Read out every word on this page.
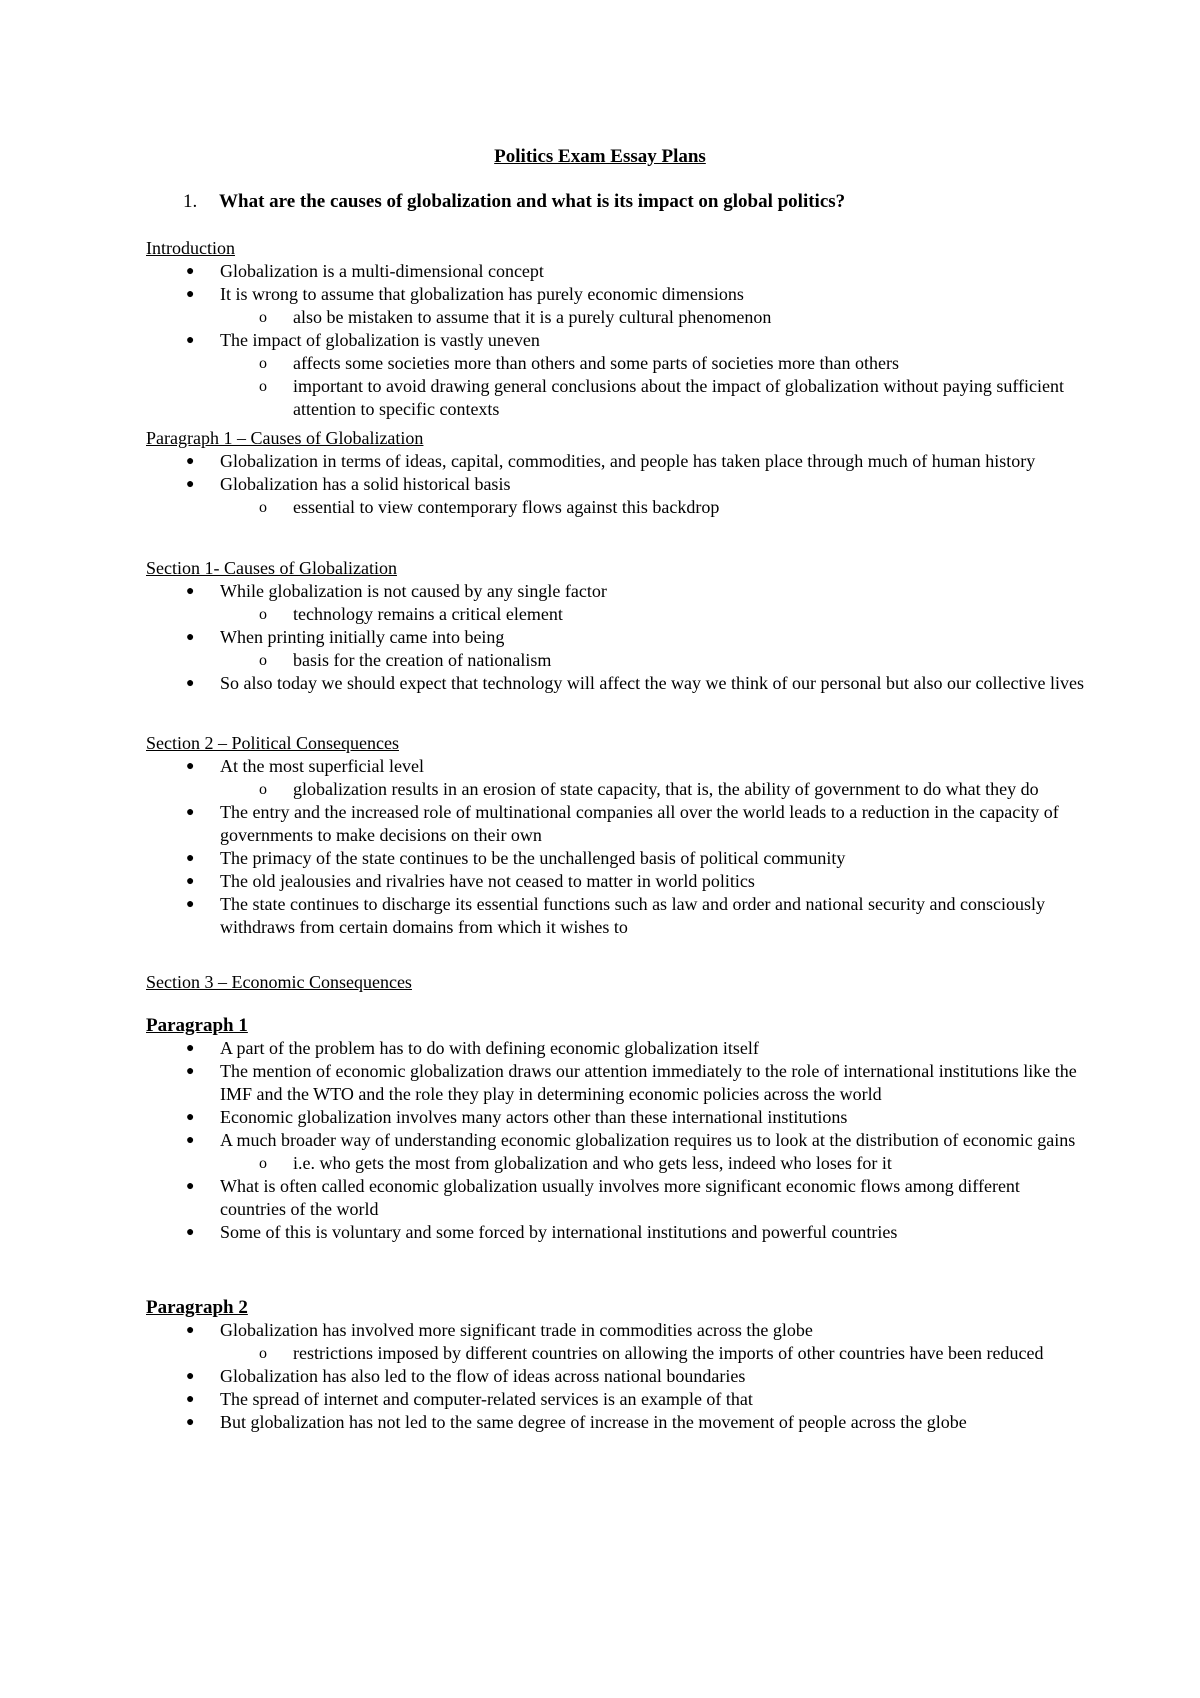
Politics Exam Essay Plans
1. What are the causes of globalization and what is its impact on global politics?
Introduction
● Globalization is a multi-dimensional concept
● It is wrong to assume that globalization has purely economic dimensions
o also be mistaken to assume that it is a purely cultural phenomenon
● The impact of globalization is vastly uneven
o affects some societies more than others and some parts of societies more than others
o important to avoid drawing general conclusions about the impact of globalization without paying sufficient attention to specific contexts
Paragraph 1 – Causes of Globalization
● Globalization in terms of ideas, capital, commodities, and people has taken place through much of human history
● Globalization has a solid historical basis
o essential to view contemporary flows against this backdrop
Section 1- Causes of Globalization
● While globalization is not caused by any single factor
o technology remains a critical element
● When printing initially came into being
o basis for the creation of nationalism
● So also today we should expect that technology will affect the way we think of our personal but also our collective lives
Section 2 – Political Consequences
● At the most superficial level
o globalization results in an erosion of state capacity, that is, the ability of government to do what they do
● The entry and the increased role of multinational companies all over the world leads to a reduction in the capacity of governments to make decisions on their own
● The primacy of the state continues to be the unchallenged basis of political community
● The old jealousies and rivalries have not ceased to matter in world politics
● The state continues to discharge its essential functions such as law and order and national security and consciously withdraws from certain domains from which it wishes to
Section 3 – Economic Consequences
Paragraph 1
● A part of the problem has to do with defining economic globalization itself
● The mention of economic globalization draws our attention immediately to the role of international institutions like the IMF and the WTO and the role they play in determining economic policies across the world
● Economic globalization involves many actors other than these international institutions
● A much broader way of understanding economic globalization requires us to look at the distribution of economic gains
o i.e. who gets the most from globalization and who gets less, indeed who loses for it
● What is often called economic globalization usually involves more significant economic flows among different countries of the world
● Some of this is voluntary and some forced by international institutions and powerful countries
Paragraph 2
● Globalization has involved more significant trade in commodities across the globe
o restrictions imposed by different countries on allowing the imports of other countries have been reduced
● Globalization has also led to the flow of ideas across national boundaries
● The spread of internet and computer-related services is an example of that
● But globalization has not led to the same degree of increase in the movement of people across the globe
